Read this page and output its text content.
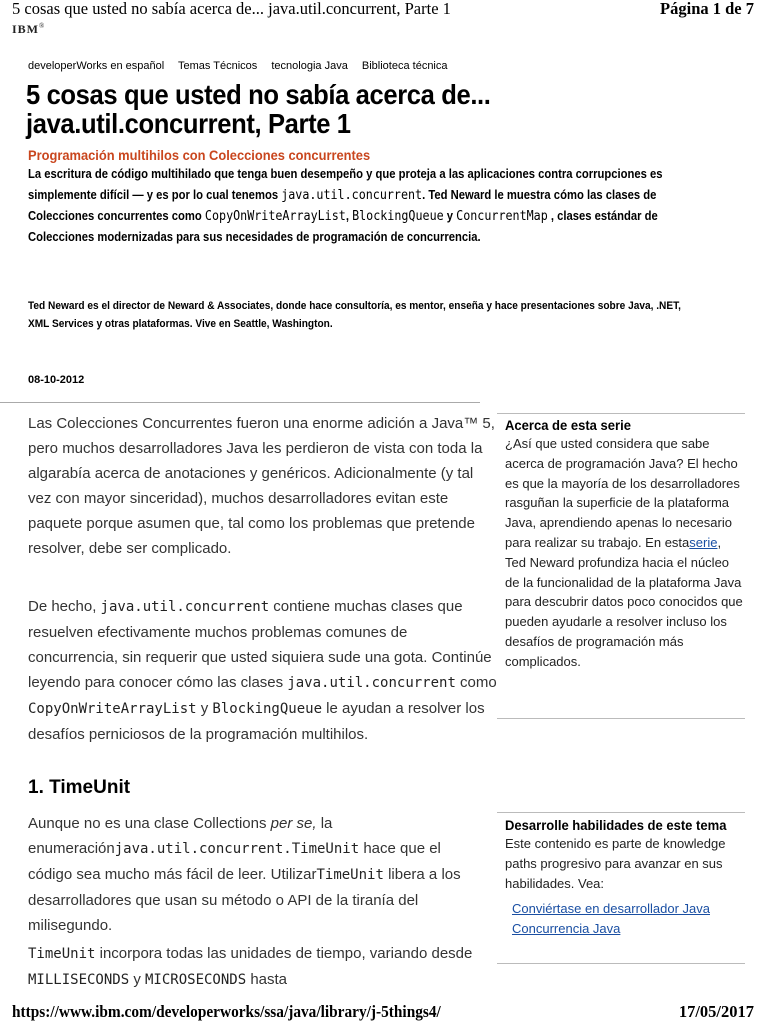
5 cosas que usted no sabía acerca de... java.util.concurrent, Parte 1	Página 1 de 7
IBM®
developerWorks en español Temas Técnicos tecnologia Java Biblioteca técnica
5 cosas que usted no sabía acerca de... java.util.concurrent, Parte 1
Programación multihilos con Colecciones concurrentes

La escritura de código multihilado que tenga buen desempeño y que proteja a las aplicaciones contra corrupciones es simplemente difícil — y es por lo cual tenemos java.util.concurrent. Ted Neward le muestra cómo las clases de Colecciones concurrentes como CopyOnWriteArrayList, BlockingQueue y ConcurrentMap , clases estándar de Colecciones modernizadas para sus necesidades de programación de concurrencia.

Ted Neward es el director de Neward & Associates, donde hace consultoría, es mentor, enseña y hace presentaciones sobre Java, .NET, XML Services y otras plataformas. Vive en Seattle, Washington.

08-10-2012

Las Colecciones Concurrentes fueron una enorme adición a Java™ 5, pero muchos desarrolladores Java les perdieron de vista con toda la algarabía acerca de anotaciones y genéricos. Adicionalmente (y tal vez con mayor sinceridad), muchos desarrolladores evitan este paquete porque asumen que, tal como los problemas que pretende resolver, debe ser complicado.

De hecho, java.util.concurrent contiene muchas clases que resuelven efectivamente muchos problemas comunes de concurrencia, sin requerir que usted siquiera sude una gota. Continúe leyendo para conocer cómo las clases java.util.concurrent como CopyOnWriteArrayList y BlockingQueue le ayudan a resolver los desafíos perniciosos de la programación multihilos.

1. TimeUnit

Aunque no es una clase Collections per se, la enumeraciónjava.util.concurrent.TimeUnit hace que el código sea mucho más fácil de leer. UtilizarTimeUnit libera a los desarrolladores que usan su método o API de la tiranía del milisegundo.

TimeUnit incorpora todas las unidades de tiempo, variando desde MILLISECONDS y MICROSECONDS hasta

Acerca de esta serie

¿Así que usted considera que sabe acerca de programación Java? El hecho es que la mayoría de los desarrolladores rasguñan la superficie de la plataforma Java, aprendiendo apenas lo necesario para realizar su trabajo. En estaserie, Ted Neward profundiza hacia el núcleo de la funcionalidad de la plataforma Java para descubrir datos poco conocidos que pueden ayudarle a resolver incluso los desafíos de programación más complicados.

Desarrolle habilidades de este tema

Este contenido es parte de knowledge paths progresivo para avanzar en sus habilidades. Vea:

Conviértase en desarrollador Java
Concurrencia Java
https://www.ibm.com/developerworks/ssa/java/library/j-5things4/	17/05/2017
